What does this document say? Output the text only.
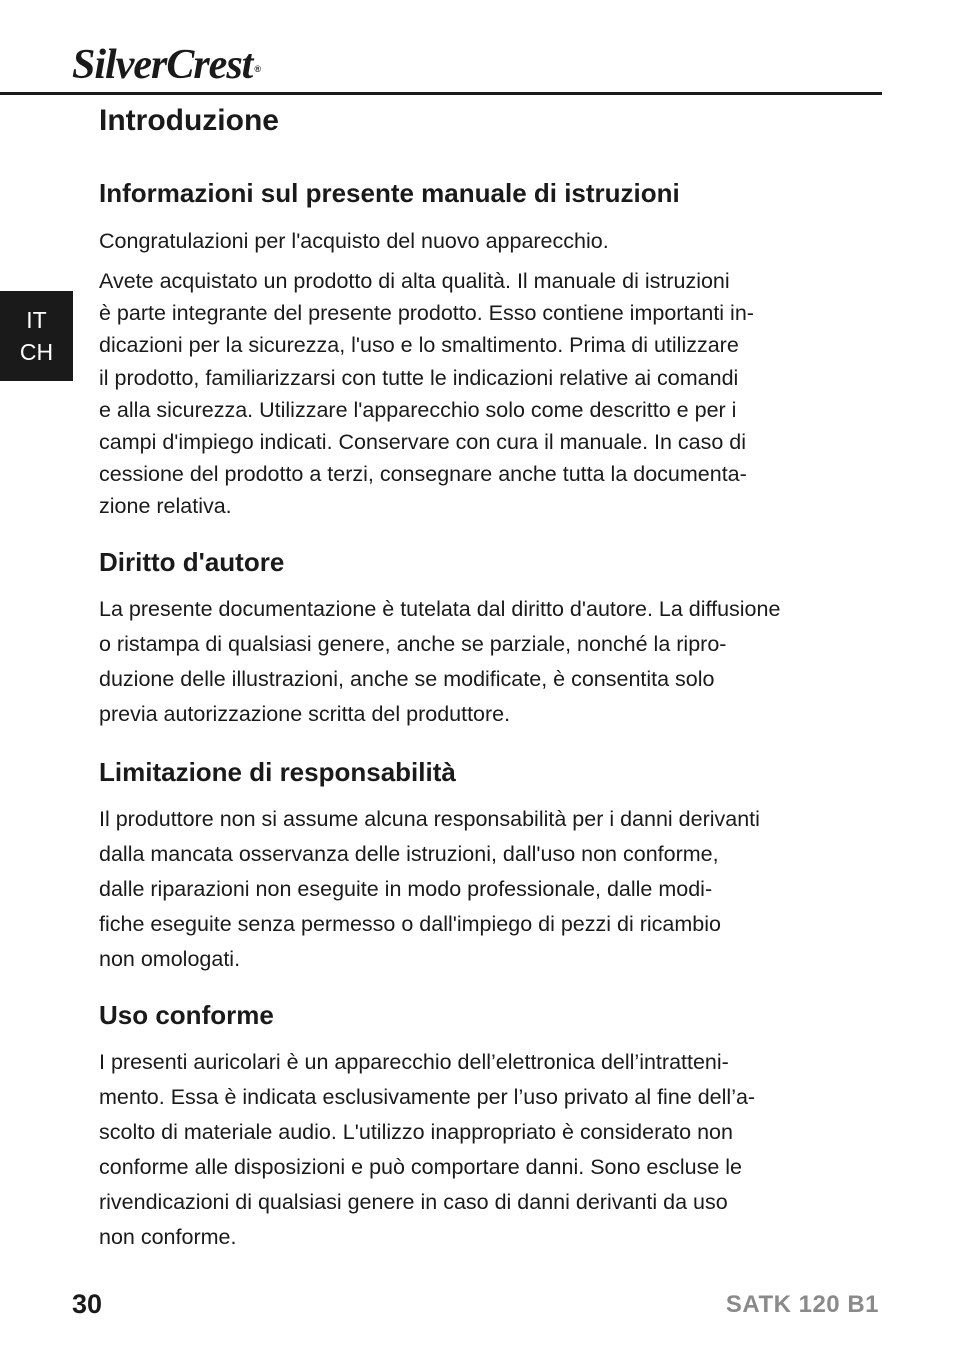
SilverCrest ®
IT
CH
Introduzione
Informazioni sul presente manuale di istruzioni

Congratulazioni per l'acquisto del nuovo apparecchio.

Avete acquistato un prodotto di alta qualità. Il manuale di istruzioni
è parte integrante del presente prodotto. Esso contiene importanti in-
dicazioni per la sicurezza, l'uso e lo smaltimento. Prima di utilizzare
il prodotto, familiarizzarsi con tutte le indicazioni relative ai comandi
e alla sicurezza. Utilizzare l'apparecchio solo come descritto e per i
campi d'impiego indicati. Conservare con cura il manuale. In caso di
cessione del prodotto a terzi, consegnare anche tutta la documenta-
zione relativa.

Diritto d'autore

La presente documentazione è tutelata dal diritto d'autore. La diffusione
o ristampa di qualsiasi genere, anche se parziale, nonché la ripro-
duzione delle illustrazioni, anche se modificate, è consentita solo
previa autorizzazione scritta del produttore.

Limitazione di responsabilità

Il produttore non si assume alcuna responsabilità per i danni derivanti
dalla mancata osservanza delle istruzioni, dall'uso non conforme,
dalle riparazioni non eseguite in modo professionale, dalle modi-
fiche eseguite senza permesso o dall'impiego di pezzi di ricambio
non omologati.

Uso conforme

I presenti auricolari è un apparecchio dell’elettronica dell’intratteni-
mento. Essa è indicata esclusivamente per l’uso privato al fine dell’a-
scolto di materiale audio. L'utilizzo inappropriato è considerato non
conforme alle disposizioni e può comportare danni. Sono escluse le
rivendicazioni di qualsiasi genere in caso di danni derivanti da uso
non conforme.

30	SATK 120 B1
